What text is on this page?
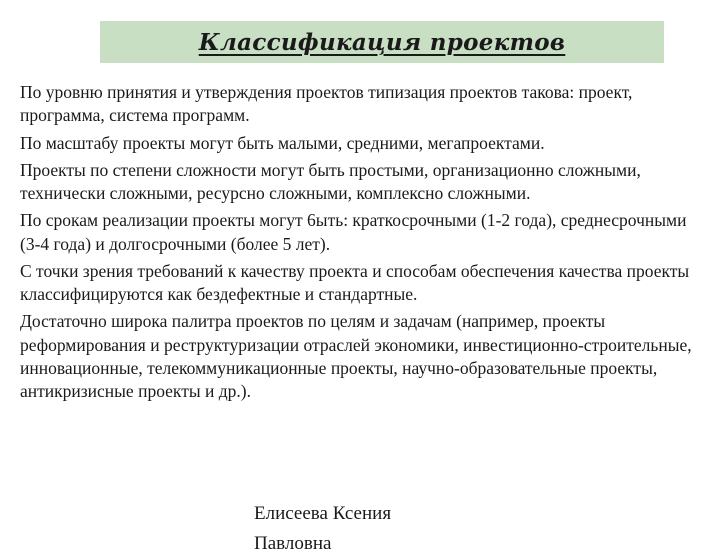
Классификация проектов
По уровню принятия и утверждения проектов типизация проектов такова: проект, программа, система программ.
По масштабу проекты могут быть малыми, средними, мегапроектами.
Проекты по степени сложности могут быть простыми, организационно сложными, технически сложными, ресурсно сложными, комплексно сложными.
По срокам реализации проекты могут 6ыть: краткосрочными (1-2 года), среднесрочными (3-4 года) и долгосрочными (более 5 лет).
С точки зрения требований к качеству проекта и способам обеспечения качества проекты классифицируются как бездефектные и стандартные.
Достаточно широка палитра проектов по целям и задачам (например, проекты реформирования и реструктуризации отраслей экономики, инвестиционно-строительные, инновационные, телекоммуникационные проекты, научно-образовательные проекты, антикризисные проекты и др.).
Елисеева Ксения Павловна
